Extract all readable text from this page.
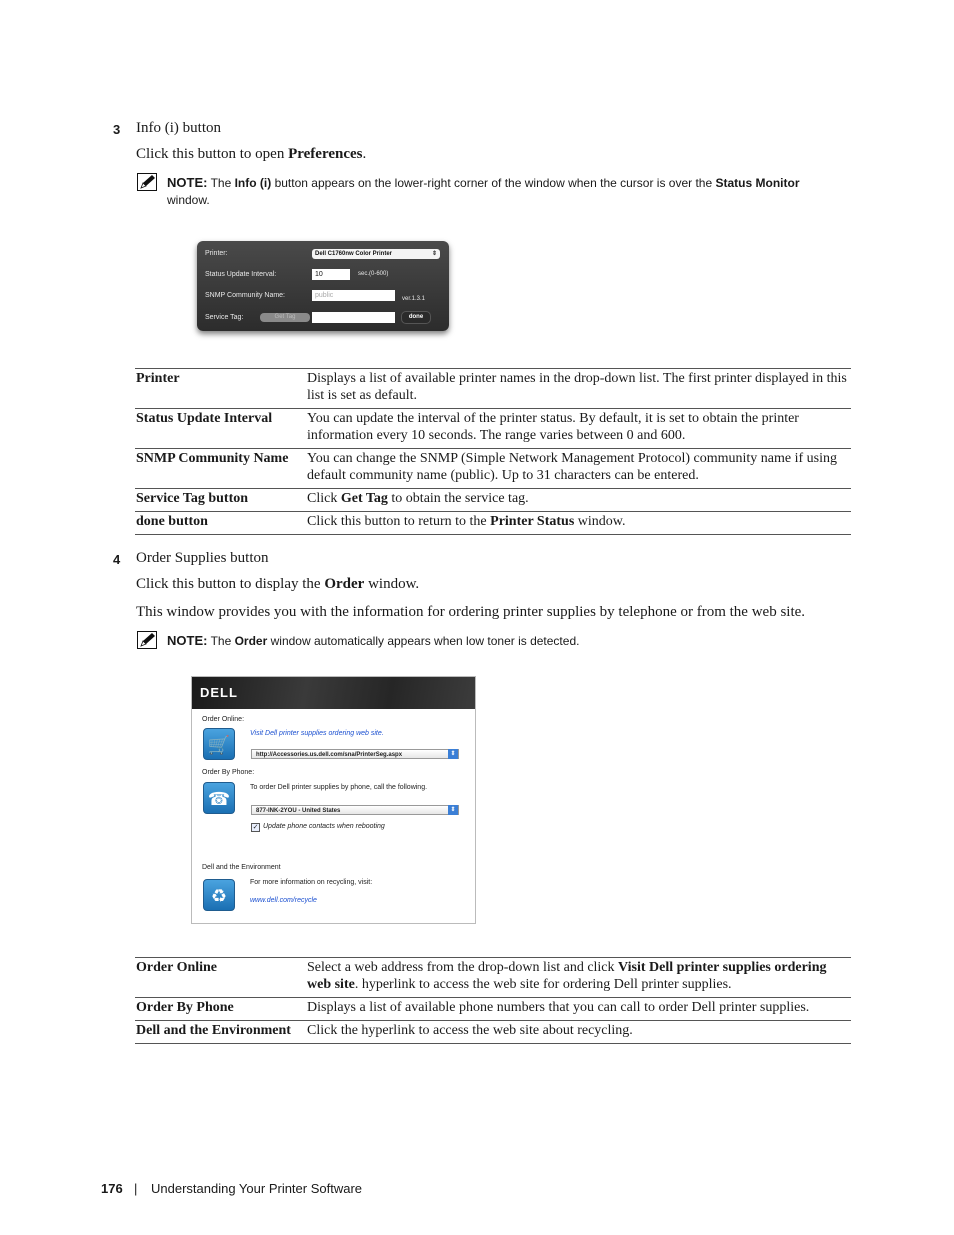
3 Info (i) button
Click this button to open Preferences.
NOTE: The Info (i) button appears on the lower-right corner of the window when the cursor is over the Status Monitor window.
Printer:	Dell C1760nw Color Printer	⇕
Status Update Interval:	10	sec.(0-600)
SNMP Community Name:	public	ver.1.3.1
Service Tag:	Get Tag	done
Printer	Displays a list of available printer names in the drop-down list. The first printer displayed in this list is set as default.
Status Update Interval	You can update the interval of the printer status. By default, it is set to obtain the printer information every 10 seconds. The range varies between 0 and 600.
SNMP Community Name	You can change the SNMP (Simple Network Management Protocol) community name if using default community name (public). Up to 31 characters can be entered.
Service Tag button	Click Get Tag to obtain the service tag.
done button	Click this button to return to the Printer Status window.
4 Order Supplies button
Click this button to display the Order window.
This window provides you with the information for ordering printer supplies by telephone or from the web site.
NOTE: The Order window automatically appears when low toner is detected.
DELL
Order Online:
🛒
Visit Dell printer supplies ordering web site.
http://Accessories.us.dell.com/sna/PrinterSeg.aspx	⇕
Order By Phone:
☎
To order Dell printer supplies by phone, call the following.
877-INK-2YOU - United States	⇕
✓ Update phone contacts when rebooting
Dell and the Environment
♻
For more information on recycling, visit:
www.dell.com/recycle
Order Online	Select a web address from the drop-down list and click Visit Dell printer supplies ordering web site. hyperlink to access the web site for ordering Dell printer supplies.
Order By Phone	Displays a list of available phone numbers that you can call to order Dell printer supplies.
Dell and the Environment	Click the hyperlink to access the web site about recycling.
176 | Understanding Your Printer Software
